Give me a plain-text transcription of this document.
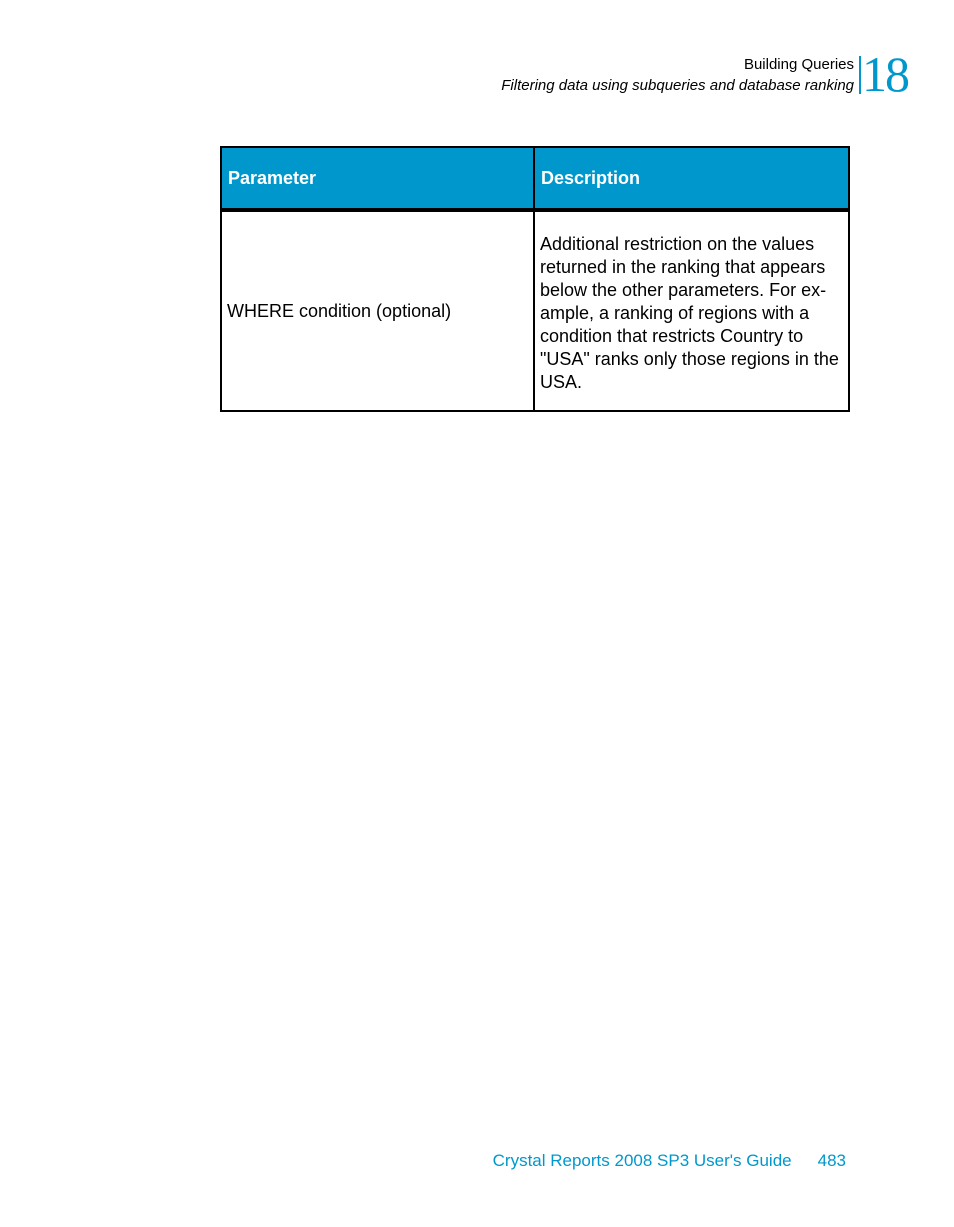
Building Queries
Filtering data using subqueries and database ranking 18
Parameter	Description
WHERE condition (optional)	Additional restriction on the values returned in the ranking that appears below the other parameters. For ex-ample, a ranking of regions with a condition that restricts Country to "USA" ranks only those regions in the USA.
Crystal Reports 2008 SP3 User's Guide 483
